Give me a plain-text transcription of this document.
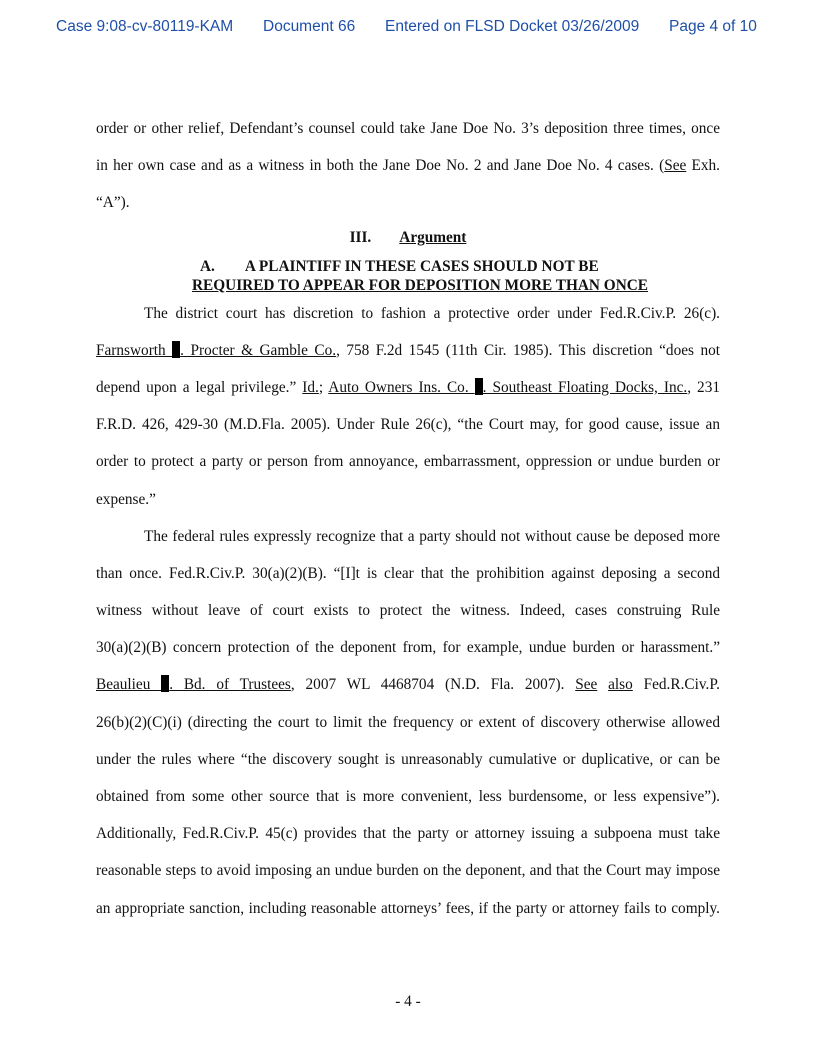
Case 9:08-cv-80119-KAM Document 66 Entered on FLSD Docket 03/26/2009 Page 4 of 10
order or other relief, Defendant’s counsel could take Jane Doe No. 3’s deposition three times, once
in her own case and as a witness in both the Jane Doe No. 2 and Jane Doe No. 4 cases. (See Exh.
“A”).
III. Argument
A. A PLAINTIFF IN THESE CASES SHOULD NOT BE
REQUIRED TO APPEAR FOR DEPOSITION MORE THAN ONCE
The district court has discretion to fashion a protective order under Fed.R.Civ.P. 26(c).
Farnsworth . Procter & Gamble Co., 758 F.2d 1545 (11th Cir. 1985). This discretion “does not
depend upon a legal privilege.” Id.; Auto Owners Ins. Co. . Southeast Floating Docks, Inc., 231
F.R.D. 426, 429-30 (M.D.Fla. 2005). Under Rule 26(c), “the Court may, for good cause, issue an
order to protect a party or person from annoyance, embarrassment, oppression or undue burden or
expense.”
The federal rules expressly recognize that a party should not without cause be deposed more
than once. Fed.R.Civ.P. 30(a)(2)(B). “[I]t is clear that the prohibition against deposing a second
witness without leave of court exists to protect the witness. Indeed, cases construing Rule
30(a)(2)(B) concern protection of the deponent from, for example, undue burden or harassment.”
Beaulieu . Bd. of Trustees, 2007 WL 4468704 (N.D. Fla. 2007). See also Fed.R.Civ.P.
26(b)(2)(C)(i) (directing the court to limit the frequency or extent of discovery otherwise allowed
under the rules where “the discovery sought is unreasonably cumulative or duplicative, or can be
obtained from some other source that is more convenient, less burdensome, or less expensive”).
Additionally, Fed.R.Civ.P. 45(c) provides that the party or attorney issuing a subpoena must take
reasonable steps to avoid imposing an undue burden on the deponent, and that the Court may impose
an appropriate sanction, including reasonable attorneys’ fees, if the party or attorney fails to comply.
- 4 -
